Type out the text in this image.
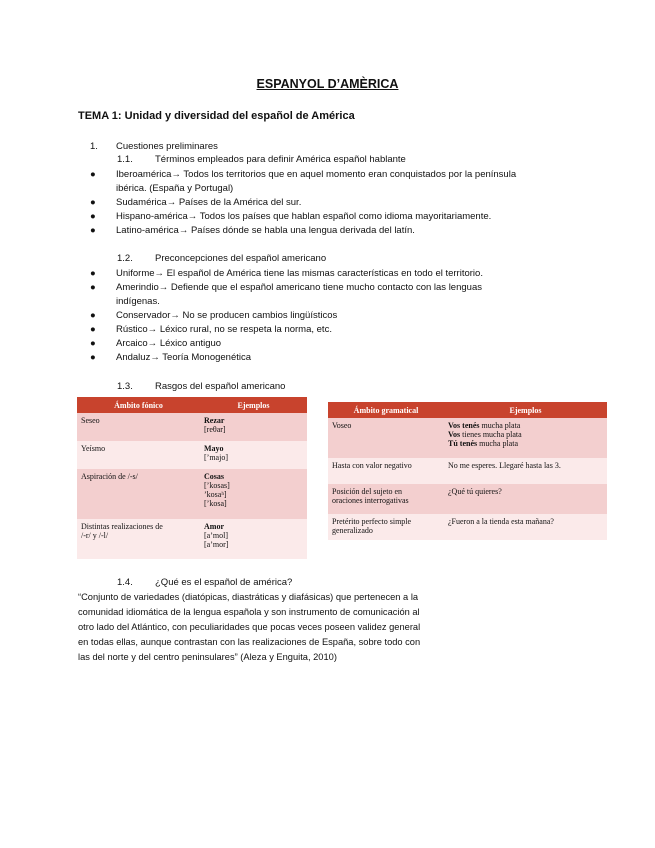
ESPANYOL D’AMÈRICA
TEMA 1: Unidad y diversidad del español de América
1. Cuestiones preliminares
1.1. Términos empleados para definir América español hablante
● Iberoamérica→ Todos los territorios que en aquel momento eran conquistados por la península
ibérica. (España y Portugal)
● Sudamérica→ Países de la América del sur.
● Hispano-américa→ Todos los países que hablan español como idioma mayoritariamente.
● Latino-américa→ Países dónde se habla una lengua derivada del latín.
1.2. Preconcepciones del español americano
● Uniforme→ El español de América tiene las mismas características en todo el territorio.
● Amerindio→ Defiende que el español americano tiene mucho contacto con las lenguas
indígenas.
● Conservador→ No se producen cambios lingüísticos
● Rústico→ Léxico rural, no se respeta la norma, etc.
● Arcaico→ Léxico antiguo
● Andaluz→ Teoría Monogenética
1.3. Rasgos del español americano
Ámbito fónico	Ejemplos
Seseo	Rezar
[reθar]
Yeísmo	Mayo
[ʼmajo]
Aspiración de /-s/	Cosas
[ʼkosas]
ʼkosaʰ]
[ʼkosa]
Distintas realizaciones de
/-r/ y /-l/	Amor
[aʼmol]
[aʼmor]
Ámbito gramatical	Ejemplos
Voseo	Vos tenés mucha plata
Vos tienes mucha plata
Tú tenés mucha plata
Hasta con valor negativo	No me esperes. Llegaré hasta las 3.
Posición del sujeto en
oraciones interrogativas	¿Qué tú quieres?
Pretérito perfecto simple
generalizado	¿Fueron a la tienda esta mañana?
1.4. ¿Qué es el español de américa?
“Conjunto de variedades (diatópicas, diastráticas y diafásicas) que pertenecen a la
comunidad idiomática de la lengua española y son instrumento de comunicación al
otro lado del Atlántico, con peculiaridades que pocas veces poseen validez general
en todas ellas, aunque contrastan con las realizaciones de España, sobre todo con
las del norte y del centro peninsulares” (Aleza y Enguita, 2010)
